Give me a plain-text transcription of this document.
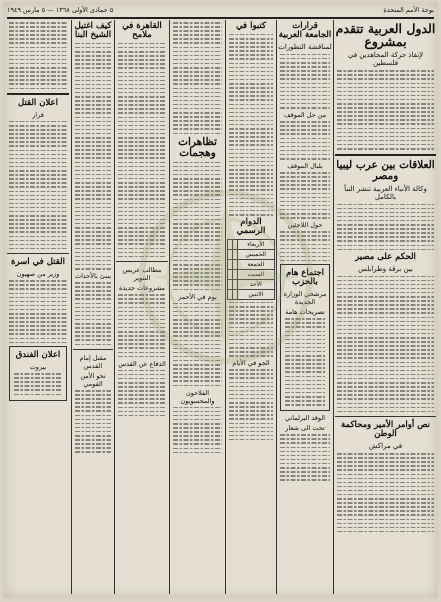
بوحة الأمم المتحدة
٥ جمادى الأولى ١٣٦٨ — ٥ مارس ١٩٤٩
الدول العربية تتقدم بمشروع
لإنقاذ حركة المجاهدين في فلسطين
العلاقات بين عرب ليبيا ومصر
وكالة الأنباء العربية تنشر النبأ بالكامل
الحكم على مصير
بين برقة وطرابلس
نص أوامر الأمير ومحاكمة الوطن
في مراكش
قرارات الجامعة العربية
لمناقشة التطورات
من حل الموقف
بلبال الموقف
حول اللاجئين
اجتماع هام بالحزب
مرشحي الوزارة الجديدة
تصريحات هامة
الوقد البرلماني
تحت الى شعار
كتبوا في
الدوام الرسمي
الأربعاء		
الخميس		
الجمعة		
السبت		
الأحد		
الاثنين		
الجو في الأيام
تظاهرات وهجمات
يوم في الأحمر
الفلاحون والمحسوبون
القاهرة في ملامح
مطالب عريس التنوير
مشروعات جديدة
الدفاع عن القدس
كيف اغتيل الشيخ البنا
ينبئ بالأحداث
مقتل إمام القدس
نحو الأمن القومي
اعلان القتل
قرار
القتل في اسرة
وزير من صهيون
اعلان الفندق
بيروت
